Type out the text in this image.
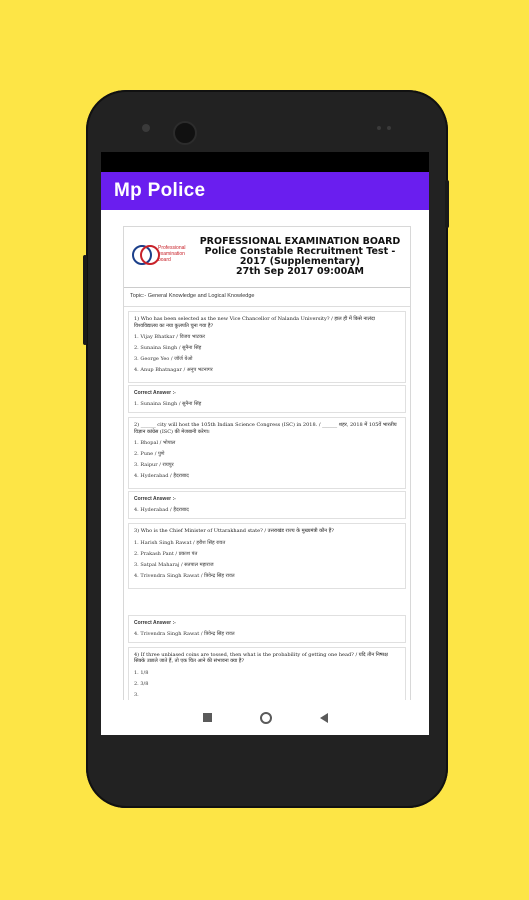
Mp Police
Professional examination board
PROFESSIONAL EXAMINATION BOARD
Police Constable Recruitment Test - 2017 (Supplementary)
27th Sep 2017 09:00AM
Topic:- General Knowledge and Logical Knowledge
1) Who has been selected as the new Vice Chancellor of Nalanda University? / हाल ही में किसे नालंदा विश्वविद्यालय का नया कुलपति चुना गया है?
1. Vijay Bhatkar / विजय भाटकर
2. Sunaina Singh / सुनैना सिंह
3. George Yeo / जॉर्ज येओ
4. Anup Bhatnagar / अनूप भटनागर
Correct Answer :-
1. Sunaina Singh / सुनैना सिंह
2) ______ city will host the 105th Indian Science Congress (ISC) in 2018. / ______ शहर, 2018 में 105वें भारतीय विज्ञान कांग्रेस (ISC) की मेजबानी करेगा।
1. Bhopal / भोपाल
2. Pune / पुणे
3. Raipur / रायपुर
4. Hyderabad / हैदराबाद
Correct Answer :-
4. Hyderabad / हैदराबाद
3) Who is the Chief Minister of Uttarakhand state? / उत्तराखंड राज्य के मुख्यमंत्री कौन हैं?
1. Harish Singh Rawat / हरीश सिंह रावत
2. Prakash Pant / प्रकाश पंत
3. Satpal Maharaj / सतपाल महाराज
4. Trivendra Singh Rawat / त्रिवेन्द्र सिंह रावत
Correct Answer :-
4. Trivendra Singh Rawat / त्रिवेन्द्र सिंह रावत
4) If three unbiased coins are tossed, then what is the probability of getting one head? / यदि तीन निष्पक्ष सिक्के उछाले जाते हैं, तो एक चित आने की संभावना क्या है?
1. 1/8
2. 3/8
3.
